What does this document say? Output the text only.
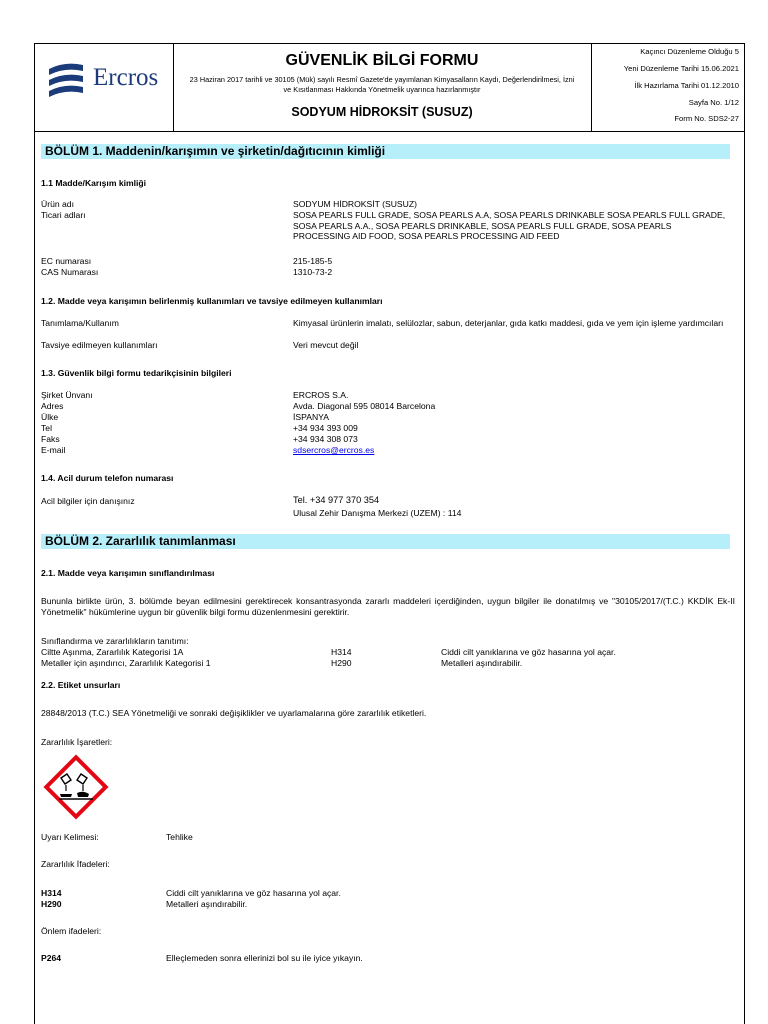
Ercros
GÜVENLİK BİLGİ FORMU
23 Haziran 2017 tarihli ve 30105 (Mük) sayılı Resmî Gazete'de yayımlanan Kimyasalların Kaydı, Değerlendirilmesi, İzni ve Kısıtlanması Hakkında Yönetmelik uyarınca hazırlanmıştır
SODYUM HİDROKSİT (SUSUZ)
Kaçıncı Düzenleme Olduğu 5
Yeni Düzenleme Tarihi 15.06.2021
İlk Hazırlama Tarihi 01.12.2010
Sayfa No. 1/12
Form No. SDS2-27
BÖLÜM 1. Maddenin/karışımın ve şirketin/dağıtıcının kimliği
1.1 Madde/Karışım kimliği
Ürün adı	SODYUM HİDROKSİT (SUSUZ)
Ticari adları	SOSA PEARLS FULL GRADE, SOSA PEARLS A.A, SOSA PEARLS DRINKABLE SOSA PEARLS FULL GRADE, SOSA PEARLS A.A., SOSA PEARLS DRINKABLE, SOSA PEARLS FULL GRADE, SOSA PEARLS PROCESSING AID FOOD, SOSA PEARLS PROCESSING AID FEED
EC numarası	215-185-5
CAS Numarası	1310-73-2
1.2. Madde veya karışımın belirlenmiş kullanımları ve tavsiye edilmeyen kullanımları
Tanımlama/Kullanım	Kimyasal ürünlerin imalatı, selülozlar, sabun, deterjanlar, gıda katkı maddesi, gıda ve yem için işleme yardımcıları
Tavsiye edilmeyen kullanımları	Veri mevcut değil
1.3. Güvenlik bilgi formu tedarikçisinin bilgileri
Şirket Ünvanı	ERCROS S.A.
Adres	Avda. Diagonal 595 08014 Barcelona
Ülke	İSPANYA
Tel	+34 934 393 009
Faks	+34 934 308 073
E-mail	sdsercros@ercros.es
1.4. Acil durum telefon numarası
Acil bilgiler için danışınız	Tel. +34 977 370 354
Ulusal Zehir Danışma Merkezi (UZEM) : 114
BÖLÜM 2. Zararlılık tanımlanması
2.1. Madde veya karışımın sınıflandırılması
Bununla birlikte ürün, 3. bölümde beyan edilmesini gerektirecek konsantrasyonda zararlı maddeleri içerdiğinden, uygun bilgiler ile donatılmış ve "30105/2017/(T.C.) KKDİK Ek-II Yönetmelik" hükümlerine uygun bir güvenlik bilgi formu düzenlenmesini gerektirir.
Sınıflandırma ve zararlılıkların tanıtımı:
Ciltte Aşınma, Zararlılık Kategorisi 1A	H314	Ciddi cilt yanıklarına ve göz hasarına yol açar.
Metaller için aşındırıcı, Zararlılık Kategorisi 1	H290	Metalleri aşındırabilir.
2.2. Etiket unsurları
28848/2013 (T.C.) SEA Yönetmeliği ve sonraki değişiklikler ve uyarlamalarına göre zararlılık etiketleri.
Zararlılık İşaretleri:
Uyarı Kelimesi:	Tehlike
Zararlılık İfadeleri:
H314	Ciddi cilt yanıklarına ve göz hasarına yol açar.
H290	Metalleri aşındırabilir.
Önlem ifadeleri:
P264	Elleçlemeden sonra ellerinizi bol su ile iyice yıkayın.
